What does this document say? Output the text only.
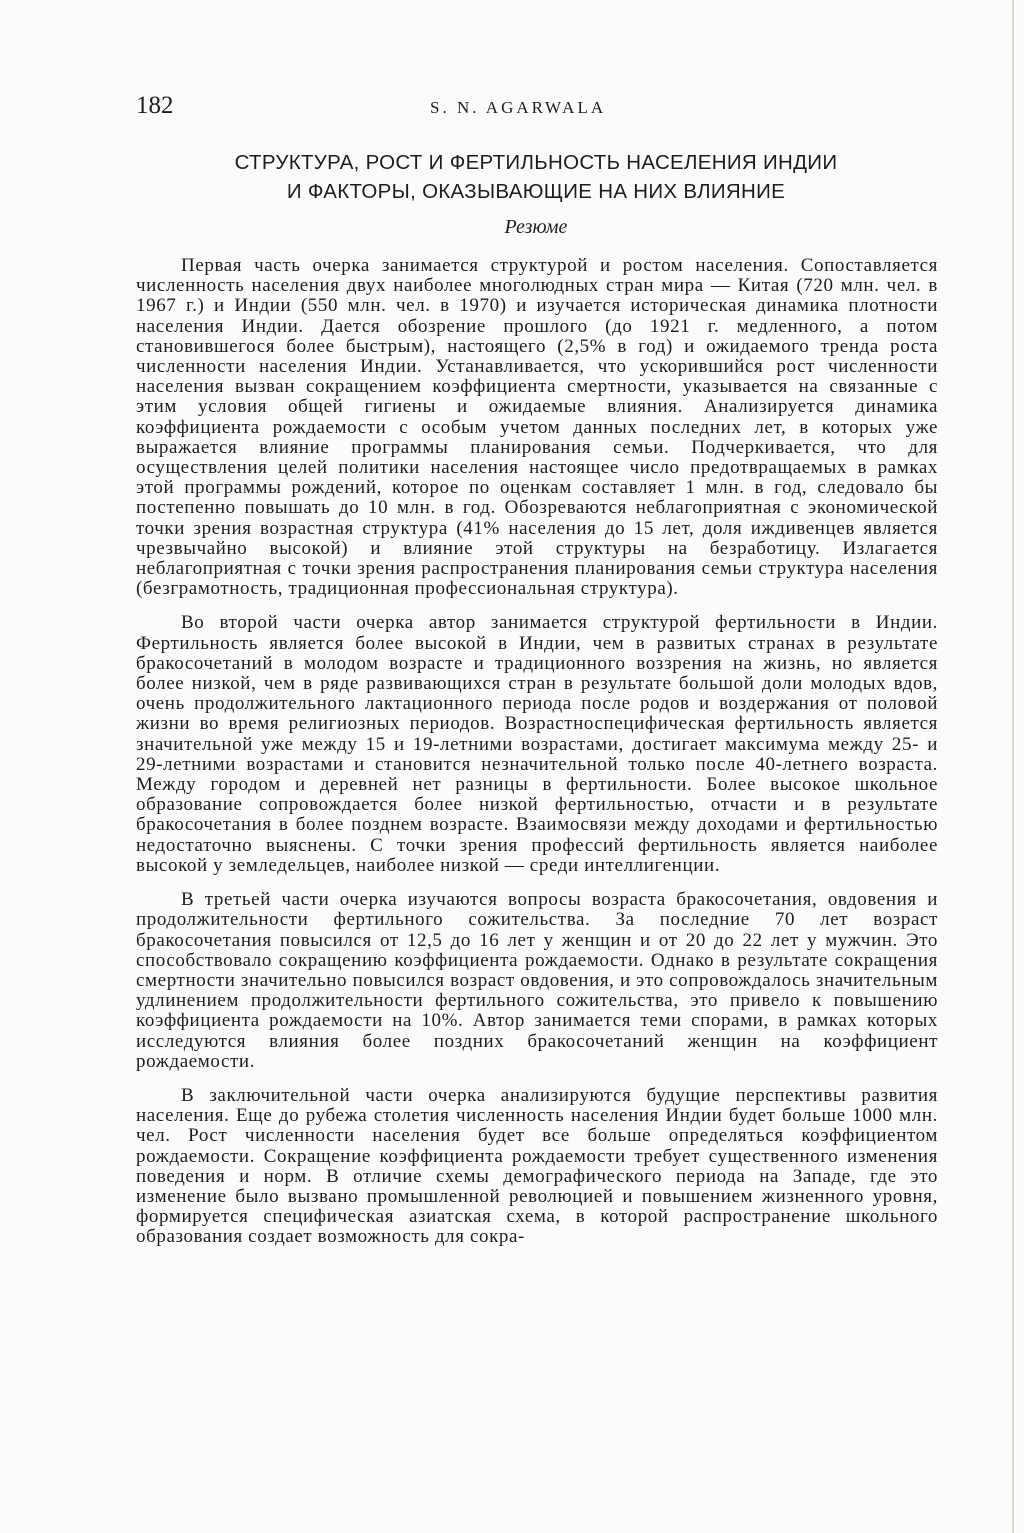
182	S. N. AGARWALA
СТРУКТУРА, РОСТ И ФЕРТИЛЬНОСТЬ НАСЕЛЕНИЯ ИНДИИ
И ФАКТОРЫ, ОКАЗЫВАЮЩИЕ НА НИХ ВЛИЯНИЕ
Резюме

Первая часть очерка занимается структурой и ростом населения. Сопоставляется численность населения двух наиболее многолюдных стран мира — Китая (720 млн. чел. в 1967 г.) и Индии (550 млн. чел. в 1970) и изучается историческая динамика плотности населения Индии. Дается обозрение прошлого (до 1921 г. медленного, а потом становившегося более быстрым), настоящего (2,5% в год) и ожидаемого тренда роста численности населения Индии. Устанавливается, что ускорившийся рост численности населения вызван сокращением коэффициента смертности, указывается на связанные с этим условия общей гигиены и ожидаемые влияния. Анализируется динамика коэффициента рождаемости с особым учетом данных последних лет, в которых уже выражается влияние программы планирования семьи. Подчеркивается, что для осуществления целей политики населения настоящее число предотвращаемых в рамках этой программы рождений, которое по оценкам составляет 1 млн. в год, следовало бы постепенно повышать до 10 млн. в год. Обозреваются неблагоприятная с экономической точки зрения возрастная структура (41% населения до 15 лет, доля иждивенцев является чрезвычайно высокой) и влияние этой структуры на безработицу. Излагается неблагоприятная с точки зрения распространения планирования семьи структура населения (безграмотность, традиционная профессиональная структура).

Во второй части очерка автор занимается структурой фертильности в Индии. Фертильность является более высокой в Индии, чем в развитых странах в результате бракосочетаний в молодом возрасте и традиционного воззрения на жизнь, но является более низкой, чем в ряде развивающихся стран в результате большой доли молодых вдов, очень продолжительного лактационного периода после родов и воздержания от половой жизни во время религиозных периодов. Возрастноспецифическая фертильность является значительной уже между 15 и 19-летними возрастами, достигает максимума между 25- и 29-летними возрастами и становится незначительной только после 40-летнего возраста. Между городом и деревней нет разницы в фертильности. Более высокое школьное образование сопровождается более низкой фертильностью, отчасти и в результате бракосочетания в более позднем возрасте. Взаимосвязи между доходами и фертильностью недостаточно выяснены. С точки зрения профессий фертильность является наиболее высокой у земледельцев, наиболее низкой — среди интеллигенции.

В третьей части очерка изучаются вопросы возраста бракосочетания, овдовения и продолжительности фертильного сожительства. За последние 70 лет возраст бракосочетания повысился от 12,5 до 16 лет у женщин и от 20 до 22 лет у мужчин. Это способствовало сокращению коэффициента рождаемости. Однако в результате сокращения смертности значительно повысился возраст овдовения, и это сопровождалось значительным удлинением продолжительности фертильного сожительства, это привело к повышению коэффициента рождаемости на 10%. Автор занимается теми спорами, в рамках которых исследуются влияния более поздних бракосочетаний женщин на коэффициент рождаемости.

В заключительной части очерка анализируются будущие перспективы развития населения. Еще до рубежа столетия численность населения Индии будет больше 1000 млн. чел. Рост численности населения будет все больше определяться коэффициентом рождаемости. Сокращение коэффициента рождаемости требует существенного изменения поведения и норм. В отличие схемы демографического периода на Западе, где это изменение было вызвано промышленной революцией и повышением жизненного уровня, формируется специфическая азиатская схема, в которой распространение школьного образования создает возможность для сокра-
